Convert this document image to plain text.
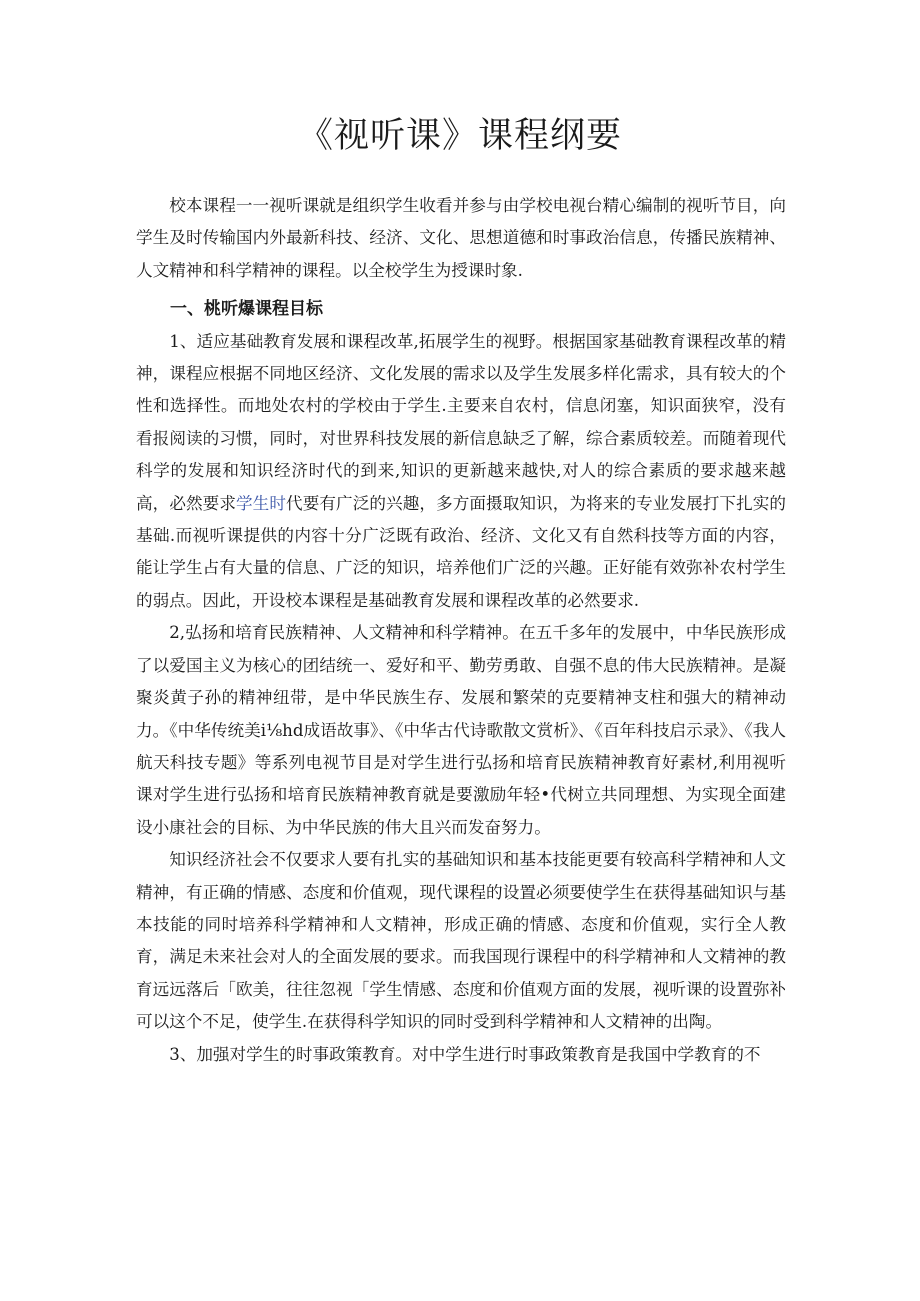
《视听课》课程纲要

校本课程一一视听课就是组织学生收看并参与由学校电视台精心编制的视听节目，向学生及时传输国内外最新科技、经济、文化、思想道德和时事政治信息，传播民族精神、人文精神和科学精神的课程。以全校学生为授课时象.

一、桃听爆课程目标

1、适应基础教育发展和课程改革,拓展学生的视野。根据国家基础教育课程改革的精神，课程应根据不同地区经济、文化发展的需求以及学生发展多样化需求，具有较大的个性和选择性。而地处农村的学校由于学生.主要来自农村，信息闭塞，知识面狭窄，没有看报阅读的习惯，同时，对世界科技发展的新信息缺乏了解，综合素质较差。而随着现代科学的发展和知识经济时代的到来,知识的更新越来越快,对人的综合素质的要求越来越高，必然要求学生时代要有广泛的兴趣，多方面摄取知识，为将来的专业发展打下扎实的基础.而视听课提供的内容十分广泛既有政治、经济、文化又有自然科技等方面的内容，能让学生占有大量的信息、广泛的知识，培养他们广泛的兴趣。正好能有效弥补农村学生的弱点。因此，开设校本课程是基础教育发展和课程改革的必然要求.

2,弘扬和培育民族精神、人文精神和科学精神。在五千多年的发展中，中华民族形成了以爱国主义为核心的团结统一、爱好和平、勤劳勇敢、自强不息的伟大民族精神。是凝聚炎黄子孙的精神纽带，是中华民族生存、发展和繁荣的克要精神支柱和强大的精神动力。《中华传统美i⅛hd成语故事》、《中华古代诗歌散文赏析》、《百年科技启示录》、《我人航天科技专题》等系列电视节目是对学生进行弘扬和培育民族精神教育好素材,利用视听课对学生进行弘扬和培育民族精神教育就是要激励年轻•代树立共同理想、为实现全面建设小康社会的目标、为中华民族的伟大且兴而发奋努力。

知识经济社会不仅要求人要有扎实的基础知识和基本技能更要有较高科学精神和人文精神，有正确的情感、态度和价值观，现代课程的设置必须要使学生在获得基础知识与基本技能的同时培养科学精神和人文精神，形成正确的情感、态度和价值观，实行全人教育，满足未来社会对人的全面发展的要求。而我国现行课程中的科学精神和人文精神的教育远远落后「欧美，往往忽视「学生情感、态度和价值观方面的发展，视听课的设置弥补可以这个不足，使学生.在获得科学知识的同时受到科学精神和人文精神的出陶。

3、加强对学生的时事政策教育。对中学生进行时事政策教育是我国中学教育的不
